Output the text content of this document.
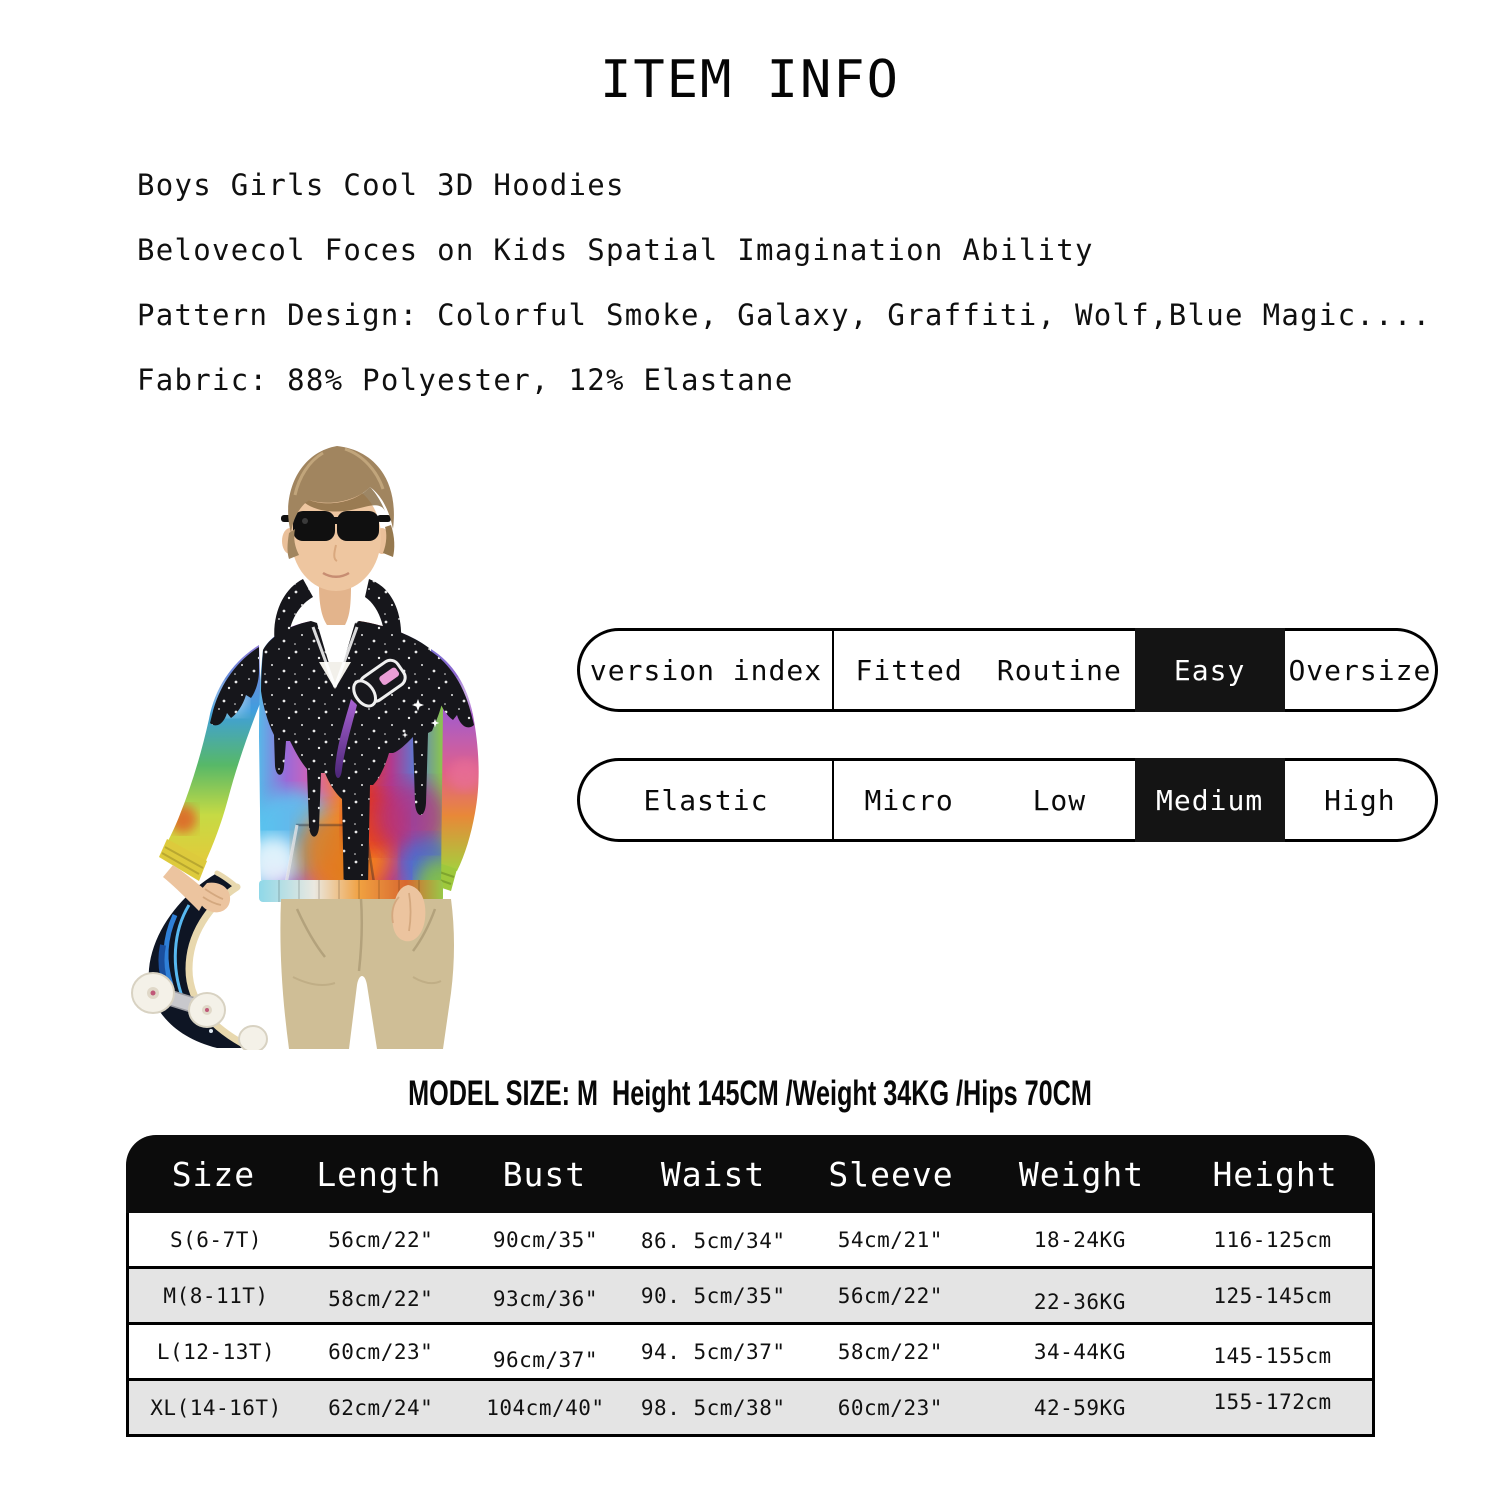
ITEM INFO
Boys Girls Cool 3D Hoodies
Belovecol Foces on Kids Spatial Imagination Ability
Pattern Design: Colorful Smoke, Galaxy, Graffiti, Wolf,Blue Magic....
Fabric: 88% Polyester, 12% Elastane
version index	Fitted	Routine	Easy	Oversize
Elastic	Micro	Low	Medium	High
MODEL SIZE: M  Height 145CM /Weight 34KG /Hips 70CM
Size	Length	Bust	Waist	Sleeve	Weight	Height
S(6-7T)	56cm/22"	90cm/35"	86. 5cm/34"	54cm/21"	18-24KG	116-125cm
M(8-11T)	58cm/22"	93cm/36"	90. 5cm/35"	56cm/22"	22-36KG	125-145cm
L(12-13T)	60cm/23"	96cm/37"	94. 5cm/37"	58cm/22"	34-44KG	145-155cm
XL(14-16T)	62cm/24"	104cm/40"	98. 5cm/38"	60cm/23"	42-59KG	155-172cm
